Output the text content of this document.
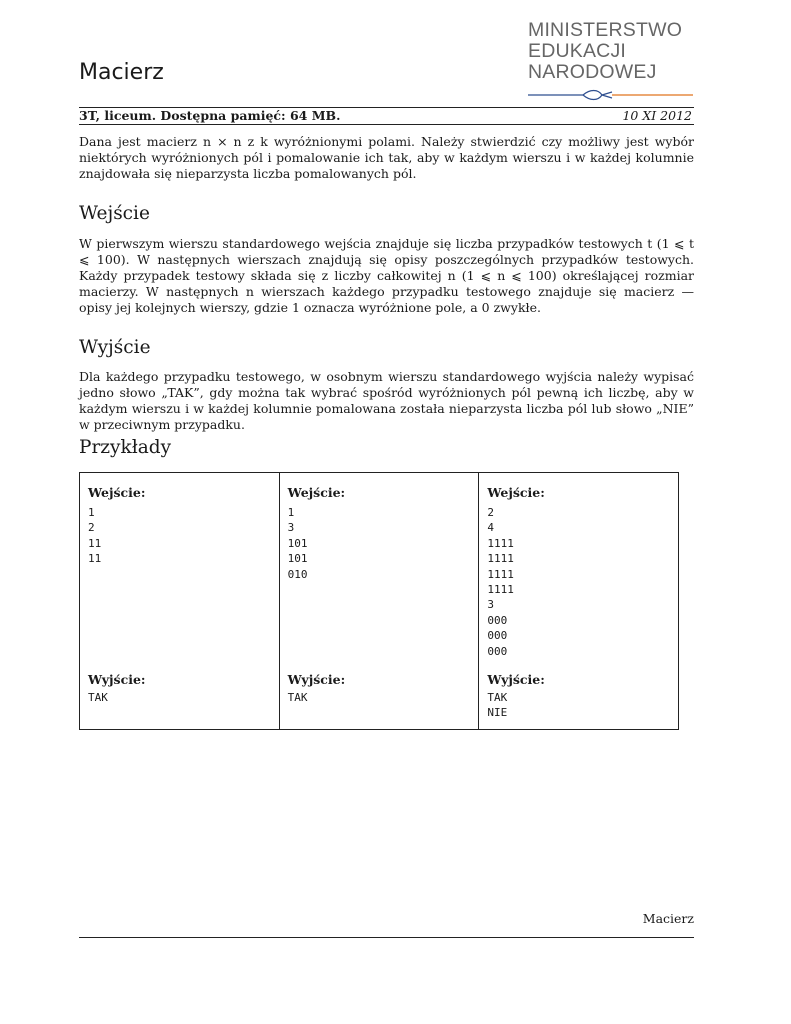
Macierz
MINISTERSTWO
EDUKACJI
NARODOWEJ
3T, liceum. Dostępna pamięć: 64 MB.	10 XI 2012

Dana jest macierz n × n z k wyróżnionymi polami. Należy stwierdzić czy możliwy jest wybór niektórych wyróżnionych pól i pomalowanie ich tak, aby w każdym wierszu i w każdej kolumnie znajdowała się nieparzysta liczba pomalowanych pól.

Wejście

W pierwszym wierszu standardowego wejścia znajduje się liczba przypadków testowych t (1 ⩽ t ⩽ 100). W następnych wierszach znajdują się opisy poszczególnych przypadków testowych. Każdy przypadek testowy składa się z liczby całkowitej n (1 ⩽ n ⩽ 100) określającej rozmiar macierzy. W następnych n wierszach każdego przypadku testowego znajduje się macierz — opisy jej kolejnych wierszy, gdzie 1 oznacza wyróżnione pole, a 0 zwykłe.

Wyjście

Dla każdego przypadku testowego, w osobnym wierszu standardowego wyjścia należy wypisać jedno słowo „TAK”, gdy można tak wybrać spośród wyróżnionych pól pewną ich liczbę, aby w każdym wierszu i w każdej kolumnie pomalowana została nieparzysta liczba pól lub słowo „NIE” w przeciwnym przypadku.

Przykłady
Wejście:
1
2
11
11
Wyjście:
TAK
Wejście:
1
3
101
101
010
Wyjście:
TAK
Wejście:
2
4
1111
1111
1111
1111
3
000
000
000
Wyjście:
TAK
NIE
Macierz
